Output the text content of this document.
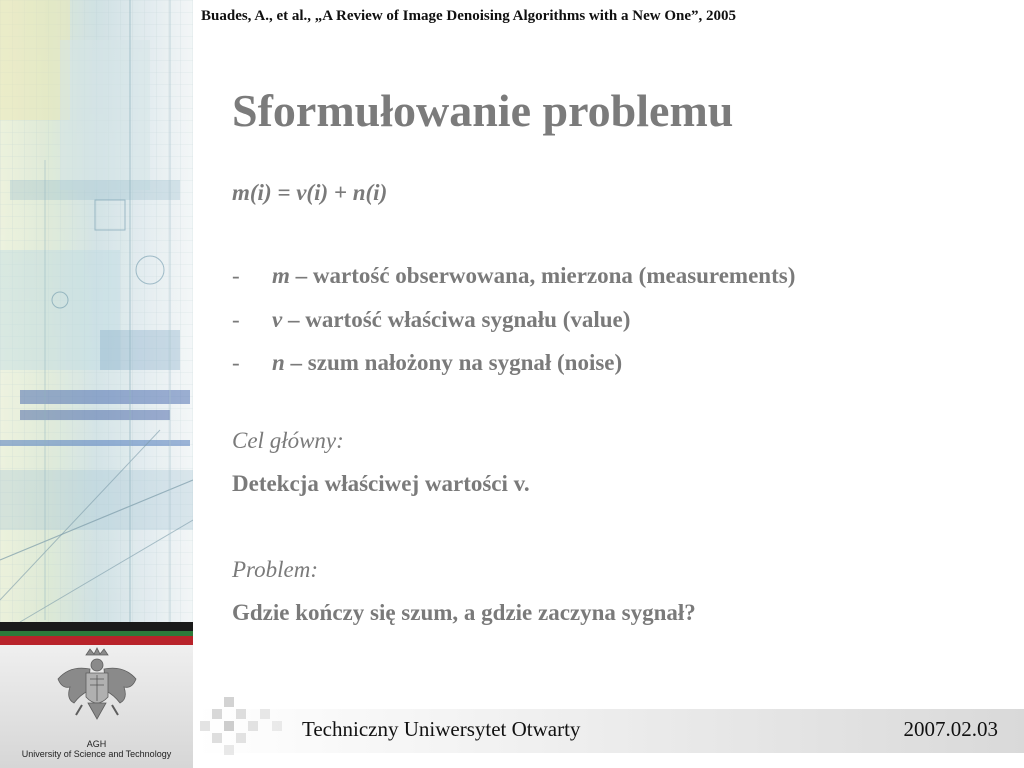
AGH
University of Science and Technology
Buades, A., et al., „A Review of Image Denoising Algorithms with a New One”, 2005
Sformułowanie problemu
m(i) = v(i) + n(i)
- m – wartość obserwowana, mierzona (measurements)
- v – wartość właściwa sygnału (value)
- n – szum nałożony na sygnał (noise)
Cel główny:
Detekcja właściwej wartości v.
Problem:
Gdzie kończy się szum, a gdzie zaczyna sygnał?
Techniczny Uniwersytet Otwarty	2007.02.03
